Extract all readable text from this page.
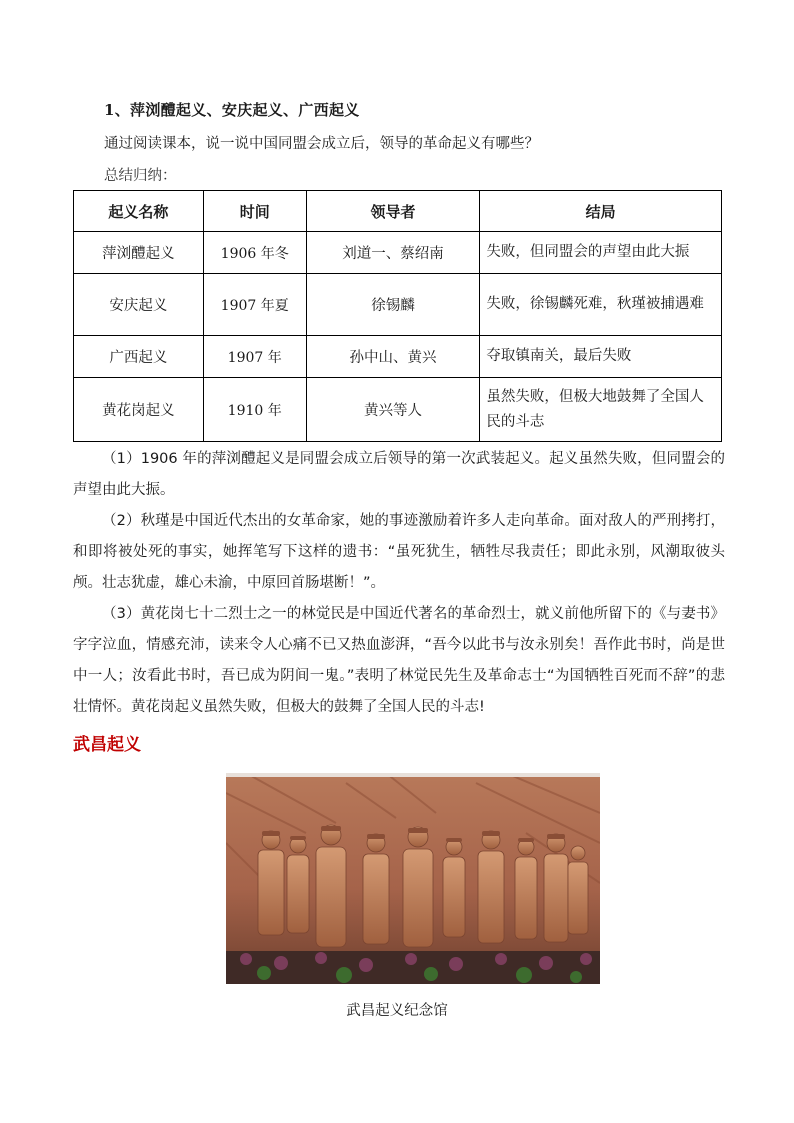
1、萍浏醴起义、安庆起义、广西起义
通过阅读课本，说一说中国同盟会成立后，领导的革命起义有哪些？
总结归纳：
起义名称	时间	领导者	结局
萍浏醴起义	1906 年冬	刘道一、蔡绍南	失败，但同盟会的声望由此大振
安庆起义	1907 年夏	徐锡麟	失败，徐锡麟死难，秋瑾被捕遇难
广西起义	1907 年	孙中山、黄兴	夺取镇南关，最后失败
黄花岗起义	1910 年	黄兴等人	虽然失败，但极大地鼓舞了全国人民的斗志
（1）1906 年的萍浏醴起义是同盟会成立后领导的第一次武装起义。起义虽然失败，但同盟会的声望由此大振。
（2）秋瑾是中国近代杰出的女革命家，她的事迹激励着许多人走向革命。面对敌人的严刑拷打，和即将被处死的事实，她挥笔写下这样的遗书：“虽死犹生，牺牲尽我责任；即此永别，风潮取彼头颅。壮志犹虚，雄心未渝，中原回首肠堪断！”。
（3）黄花岗七十二烈士之一的林觉民是中国近代著名的革命烈士，就义前他所留下的《与妻书》字字泣血，情感充沛，读来令人心痛不已又热血澎湃，“吾今以此书与汝永别矣！吾作此书时，尚是世中一人；汝看此书时，吾已成为阴间一鬼。”表明了林觉民先生及革命志士“为国牺牲百死而不辞”的悲壮情怀。黄花岗起义虽然失败，但极大的鼓舞了全国人民的斗志!
武昌起义
武昌起义纪念馆
